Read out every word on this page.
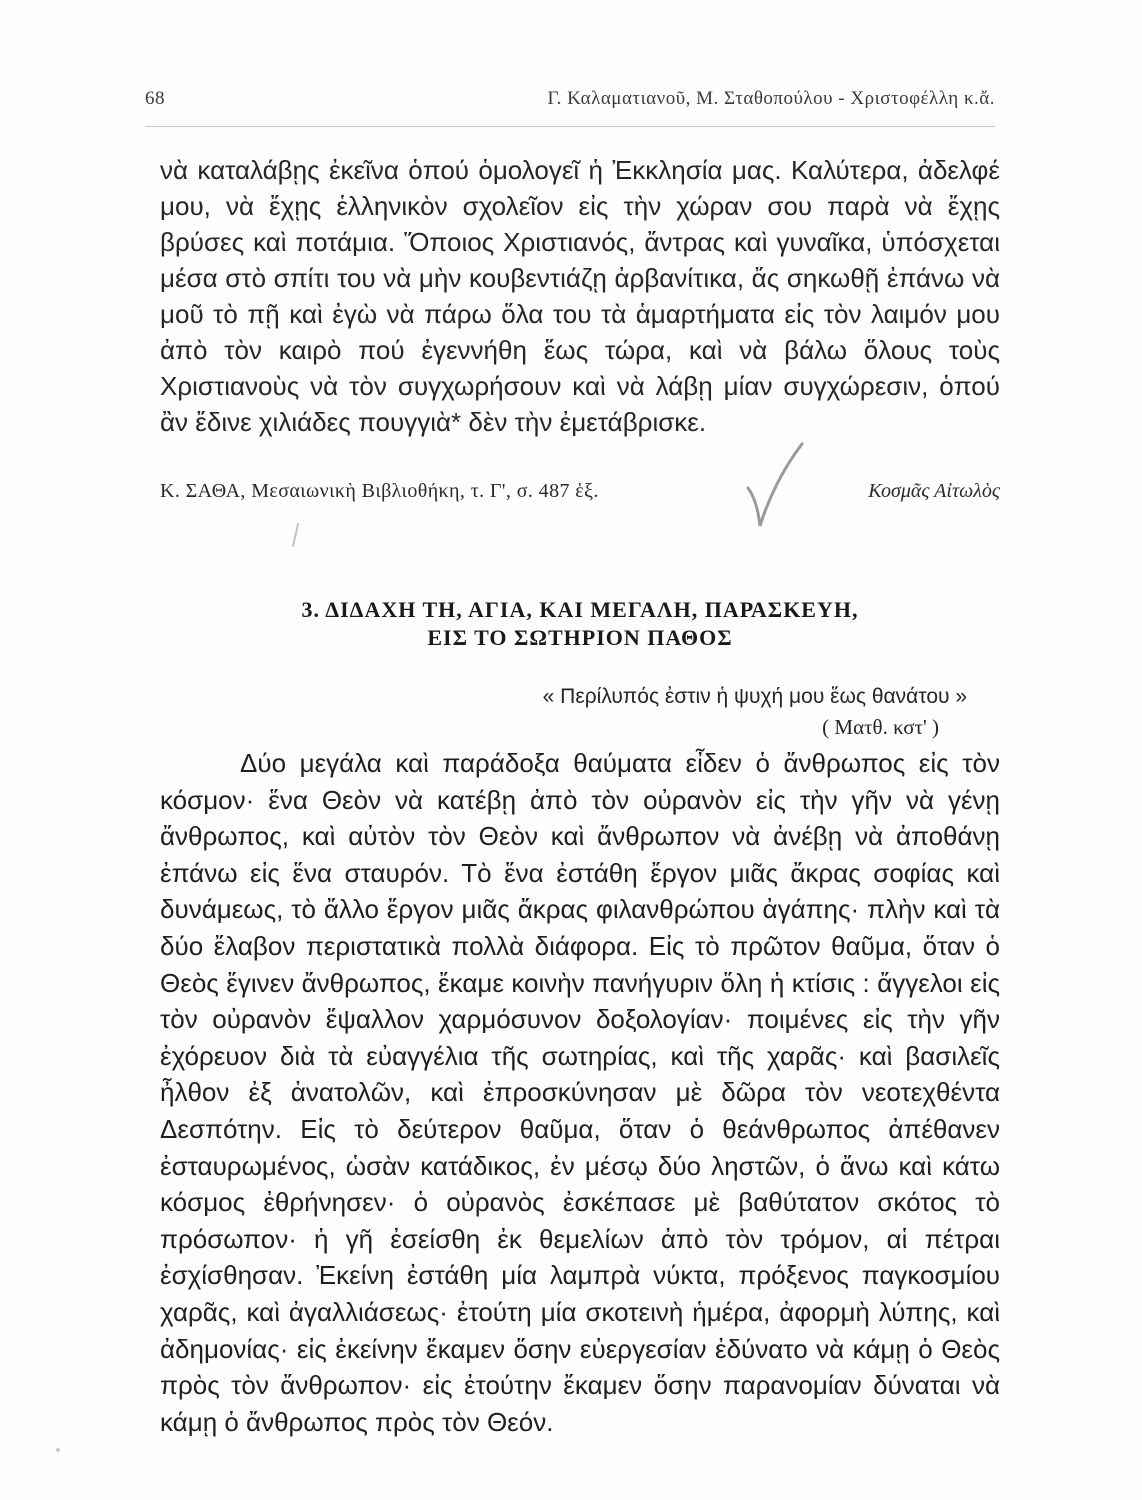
68	Γ. Καλαματιανοῦ, Μ. Σταθοπούλου - Χριστοφέλλη κ.ἄ.

νὰ καταλάβῃς ἐκεῖνα ὁπού ὁμολογεῖ ἡ Ἐκκλησία μας. Καλύτερα, ἀδελφέ μου, νὰ ἔχῃς ἑλληνικὸν σχολεῖον εἰς τὴν χώραν σου παρὰ νὰ ἔχῃς βρύσες καὶ ποτάμια. Ὅποιος Χριστιανός, ἄντρας καὶ γυναῖκα, ὑπόσχεται μέσα στὸ σπίτι του νὰ μὴν κουβεντιάζῃ ἀρβανίτικα, ἄς σηκωθῇ ἐπάνω νὰ μοῦ τὸ πῇ καὶ ἐγὼ νὰ πάρω ὅλα του τὰ ἁμαρτήματα εἰς τὸν λαιμόν μου ἀπὸ τὸν καιρὸ πού ἐγεννήθη ἕως τώρα, καὶ νὰ βάλω ὅλους τοὺς Χριστιανοὺς νὰ τὸν συγχωρήσουν καὶ νὰ λάβῃ μίαν συγχώρεσιν, ὁπού ἂν ἔδινε χιλιάδες πουγγιὰ* δὲν τὴν ἐμετάβρισκε.

Κ. ΣΑΘΑ, Μεσαιωνικὴ Βιβλιοθήκη, τ. Γ', σ. 487 ἑξ.	Κοσμᾶς Αἰτωλὸς
3. ΔΙΔΑΧΗ ΤΗ, ΑΓΙΑ, ΚΑΙ ΜΕΓΑΛΗ, ΠΑΡΑΣΚΕΥΗ,
ΕΙΣ ΤΟ ΣΩΤΗΡΙΟΝ ΠΑΘΟΣ
« Περίλυπός ἐστιν ἡ ψυχή μου ἕως θανάτου »
( Ματθ. κστ' )

Δύο μεγάλα καὶ παράδοξα θαύματα εἶδεν ὁ ἄνθρωπος εἰς τὸν κόσμον· ἕνα Θεὸν νὰ κατέβῃ ἀπὸ τὸν οὐρανὸν εἰς τὴν γῆν νὰ γένῃ ἄνθρωπος, καὶ αὐτὸν τὸν Θεὸν καὶ ἄνθρωπον νὰ ἀνέβῃ νὰ ἀποθάνῃ ἐπάνω εἰς ἕνα σταυρόν. Τὸ ἕνα ἐστάθη ἔργον μιᾶς ἄκρας σοφίας καὶ δυνάμεως, τὸ ἄλλο ἔργον μιᾶς ἄκρας φιλανθρώπου ἀγάπης· πλὴν καὶ τὰ δύο ἔλαβον περιστατικὰ πολλὰ διάφορα. Εἰς τὸ πρῶτον θαῦμα, ὅταν ὁ Θεὸς ἔγινεν ἄνθρωπος, ἔκαμε κοινὴν πανήγυριν ὅλη ἡ κτίσις : ἄγγελοι εἰς τὸν οὐρανὸν ἔψαλλον χαρμόσυνον δοξολογίαν· ποιμένες εἰς τὴν γῆν ἐχόρευον διὰ τὰ εὐαγγέλια τῆς σωτηρίας, καὶ τῆς χαρᾶς· καὶ βασιλεῖς ἦλθον ἐξ ἀνατολῶν, καὶ ἐπροσκύνησαν μὲ δῶρα τὸν νεοτεχθέντα Δεσπότην. Εἰς τὸ δεύτερον θαῦμα, ὅταν ὁ θεάνθρωπος ἀπέθανεν ἐσταυρωμένος, ὡσὰν κατάδικος, ἐν μέσῳ δύο ληστῶν, ὁ ἄνω καὶ κάτω κόσμος ἐθρήνησεν· ὁ οὐρανὸς ἐσκέπασε μὲ βαθύτατον σκότος τὸ πρόσωπον· ἡ γῆ ἐσείσθη ἐκ θεμελίων ἀπὸ τὸν τρόμον, αἱ πέτραι ἐσχίσθησαν. Ἐκείνη ἐστάθη μία λαμπρὰ νύκτα, πρόξενος παγκοσμίου χαρᾶς, καὶ ἀγαλλιάσεως· ἐτούτη μία σκοτεινὴ ἡμέρα, ἀφορμὴ λύπης, καὶ ἀδημονίας· εἰς ἐκείνην ἔκαμεν ὅσην εὐεργεσίαν ἐδύνατο νὰ κάμῃ ὁ Θεὸς πρὸς τὸν ἄνθρωπον· εἰς ἐτούτην ἔκαμεν ὅσην παρανομίαν δύναται νὰ κάμῃ ὁ ἄνθρωπος πρὸς τὸν Θεόν.
